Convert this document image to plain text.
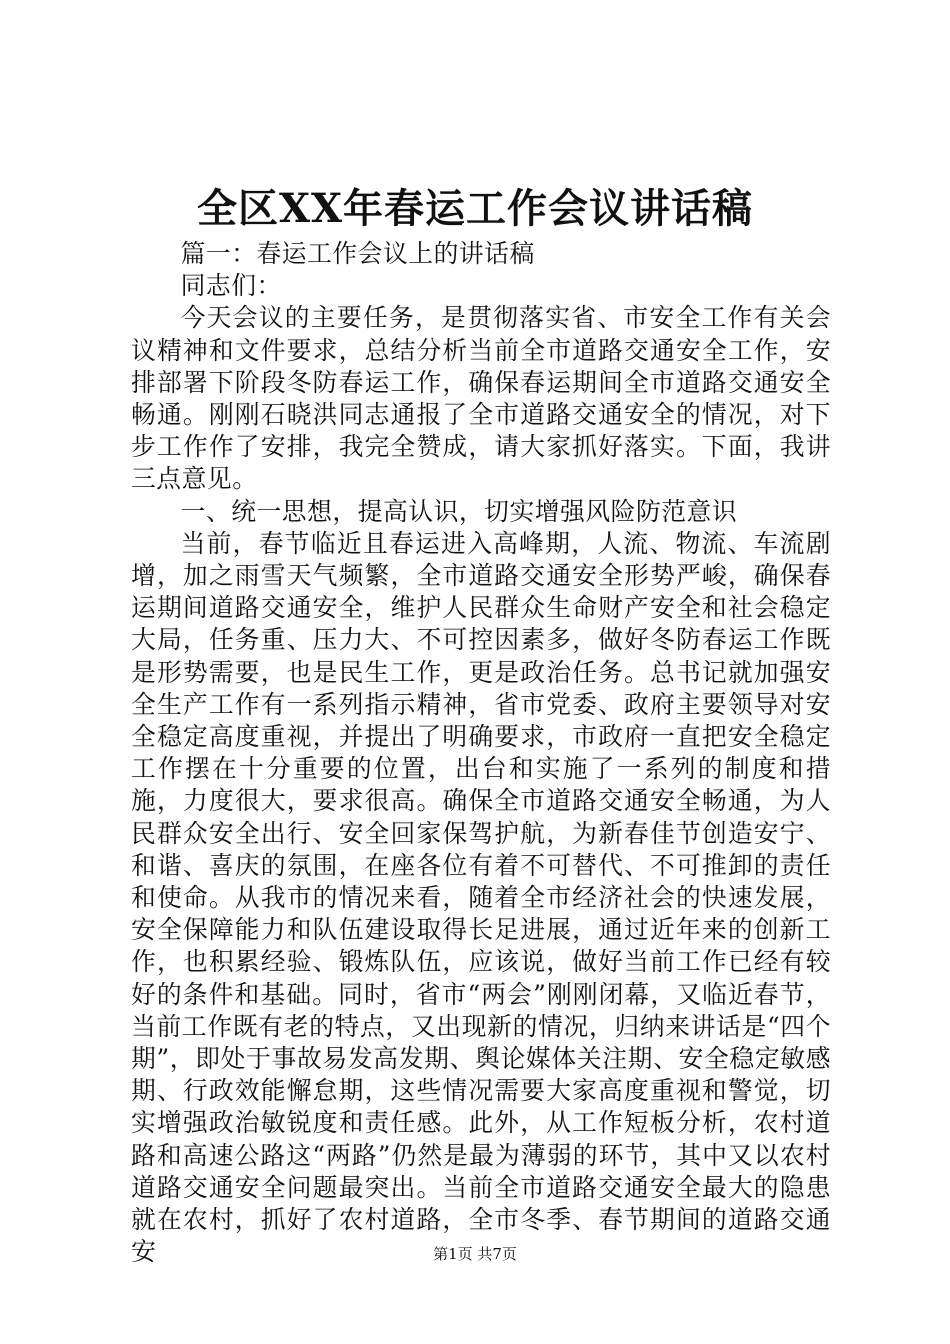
全区XX年春运工作会议讲话稿

篇一：春运工作会议上的讲话稿

同志们：

今天会议的主要任务，是贯彻落实省、市安全工作有关会议精神和文件要求，总结分析当前全市道路交通安全工作，安排部署下阶段冬防春运工作，确保春运期间全市道路交通安全畅通。刚刚石晓洪同志通报了全市道路交通安全的情况，对下步工作作了安排，我完全赞成，请大家抓好落实。下面，我讲三点意见。

一、统一思想，提高认识，切实增强风险防范意识

当前，春节临近且春运进入高峰期，人流、物流、车流剧增，加之雨雪天气频繁，全市道路交通安全形势严峻，确保春运期间道路交通安全，维护人民群众生命财产安全和社会稳定大局，任务重、压力大、不可控因素多，做好冬防春运工作既是形势需要，也是民生工作，更是政治任务。总书记就加强安全生产工作有一系列指示精神，省市党委、政府主要领导对安全稳定高度重视，并提出了明确要求，市政府一直把安全稳定工作摆在十分重要的位置，出台和实施了一系列的制度和措施，力度很大，要求很高。确保全市道路交通安全畅通，为人民群众安全出行、安全回家保驾护航，为新春佳节创造安宁、和谐、喜庆的氛围，在座各位有着不可替代、不可推卸的责任和使命。从我市的情况来看，随着全市经济社会的快速发展，安全保障能力和队伍建设取得长足进展，通过近年来的创新工作，也积累经验、锻炼队伍，应该说，做好当前工作已经有较好的条件和基础。同时，省市“两会”刚刚闭幕，又临近春节，当前工作既有老的特点，又出现新的情况，归纳来讲话是“四个期”，即处于事故易发高发期、舆论媒体关注期、安全稳定敏感期、行政效能懈怠期，这些情况需要大家高度重视和警觉，切实增强政治敏锐度和责任感。此外，从工作短板分析，农村道路和高速公路这“两路”仍然是最为薄弱的环节，其中又以农村道路交通安全问题最突出。当前全市道路交通安全最大的隐患就在农村，抓好了农村道路，全市冬季、春节期间的道路交通安	第1页 共7页
